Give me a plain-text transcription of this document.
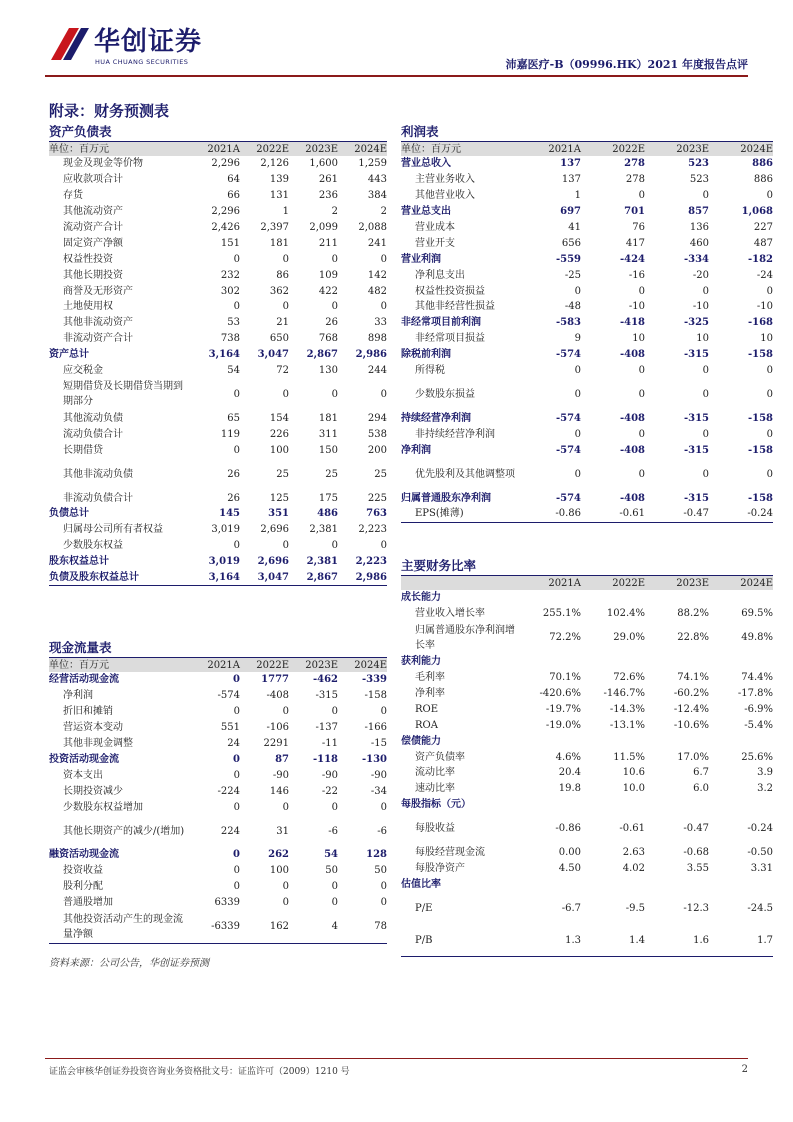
华创证券
HUA CHUANG SECURITIES	沛嘉医疗-B（09996.HK）2021 年度报告点评
附录：财务预测表
资产负债表
单位：百万元	2021A	2022E	2023E	2024E
现金及现金等价物	2,296	2,126	1,600	1,259
应收款项合计	64	139	261	443
存货	66	131	236	384
其他流动资产	2,296	1	2	2
流动资产合计	2,426	2,397	2,099	2,088
固定资产净额	151	181	211	241
权益性投资	0	0	0	0
其他长期投资	232	86	109	142
商誉及无形资产	302	362	422	482
土地使用权	0	0	0	0
其他非流动资产	53	21	26	33
非流动资产合计	738	650	768	898
资产总计	3,164	3,047	2,867	2,986
应交税金	54	72	130	244
短期借贷及长期借贷当期到期部分	0	0	0	0
其他流动负债	65	154	181	294
流动负债合计	119	226	311	538
长期借贷	0	100	150	200
其他非流动负债	26	25	25	25
非流动负债合计	26	125	175	225
负债总计	145	351	486	763
归属母公司所有者权益	3,019	2,696	2,381	2,223
少数股东权益	0	0	0	0
股东权益总计	3,019	2,696	2,381	2,223
负债及股东权益总计	3,164	3,047	2,867	2,986
现金流量表
单位：百万元	2021A	2022E	2023E	2024E
经营活动现金流	0	1777	-462	-339
净利润	-574	-408	-315	-158
折旧和摊销	0	0	0	0
营运资本变动	551	-106	-137	-166
其他非现金调整	24	2291	-11	-15
投资活动现金流	0	87	-118	-130
资本支出	0	-90	-90	-90
长期投资减少	-224	146	-22	-34
少数股东权益增加	0	0	0	0
其他长期资产的减少/(增加)	224	31	-6	-6
融资活动现金流	0	262	54	128
投资收益	0	100	50	50
股利分配	0	0	0	0
普通股增加	6339	0	0	0
其他投资活动产生的现金流量净额	-6339	162	4	78
利润表
单位：百万元	2021A	2022E	2023E	2024E
营业总收入	137	278	523	886
主营业务收入	137	278	523	886
其他营业收入	1	0	0	0
营业总支出	697	701	857	1,068
营业成本	41	76	136	227
营业开支	656	417	460	487
营业利润	-559	-424	-334	-182
净利息支出	-25	-16	-20	-24
权益性投资损益	0	0	0	0
其他非经营性损益	-48	-10	-10	-10
非经常项目前利润	-583	-418	-325	-168
非经常项目损益	9	10	10	10
除税前利润	-574	-408	-315	-158
所得税	0	0	0	0
少数股东损益	0	0	0	0
持续经营净利润	-574	-408	-315	-158
非持续经营净利润	0	0	0	0
净利润	-574	-408	-315	-158
优先股利及其他调整项	0	0	0	0
归属普通股东净利润	-574	-408	-315	-158
EPS(摊薄)	-0.86	-0.61	-0.47	-0.24
主要财务比率
	2021A	2022E	2023E	2024E
成长能力				
营业收入增长率	255.1%	102.4%	88.2%	69.5%
归属普通股东净利润增长率	72.2%	29.0%	22.8%	49.8%
获利能力				
毛利率	70.1%	72.6%	74.1%	74.4%
净利率	-420.6%	-146.7%	-60.2%	-17.8%
ROE	-19.7%	-14.3%	-12.4%	-6.9%
ROA	-19.0%	-13.1%	-10.6%	-5.4%
偿债能力				
资产负债率	4.6%	11.5%	17.0%	25.6%
流动比率	20.4	10.6	6.7	3.9
速动比率	19.8	10.0	6.0	3.2
每股指标（元）				
每股收益	-0.86	-0.61	-0.47	-0.24
每股经营现金流	0.00	2.63	-0.68	-0.50
每股净资产	4.50	4.02	3.55	3.31
估值比率				
P/E	-6.7	-9.5	-12.3	-24.5
P/B	1.3	1.4	1.6	1.7
资料来源：公司公告，华创证券预测
证监会审核华创证券投资咨询业务资格批文号：证监许可（2009）1210 号	2
